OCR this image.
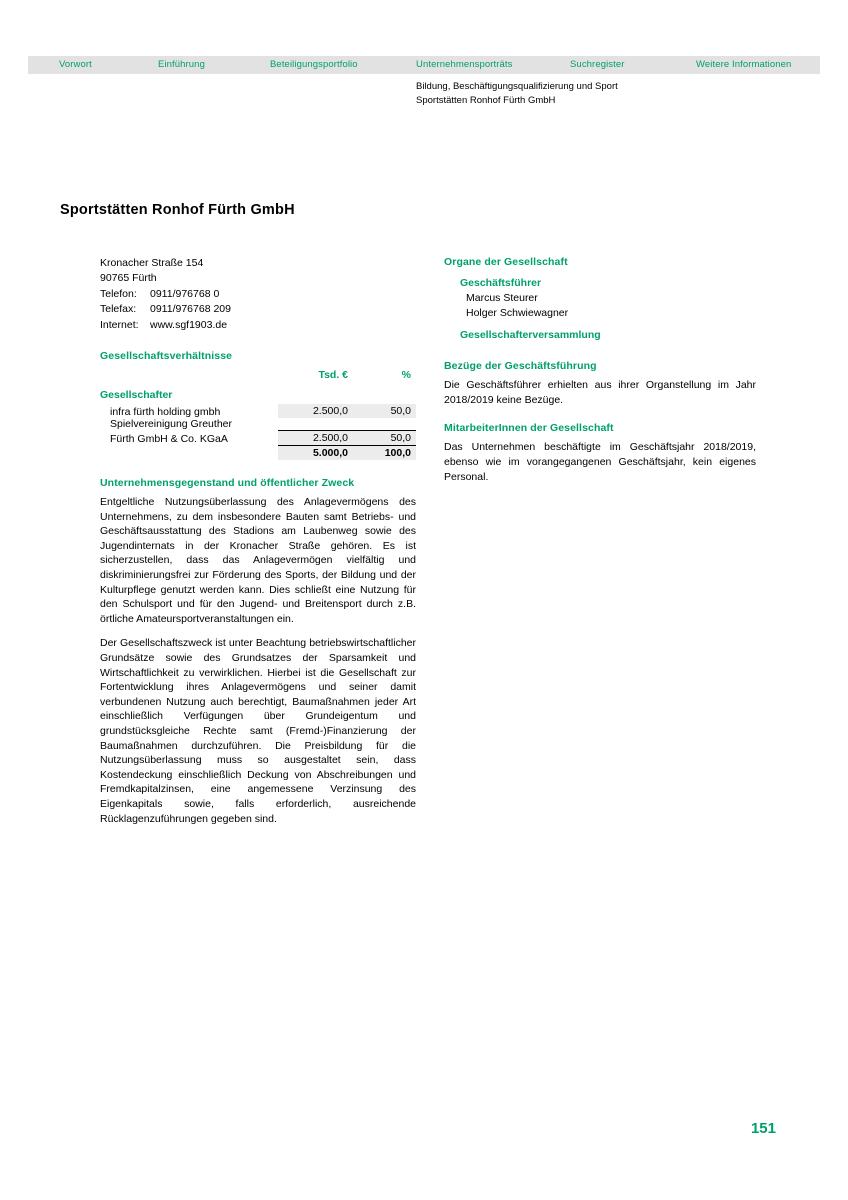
Vorwort	Einführung	Beteiligungsportfolio	Unternehmensporträts	Suchregister	Weitere Informationen
Bildung, Beschäftigungsqualifizierung und Sport
Sportstätten Ronhof Fürth GmbH
Sportstätten Ronhof Fürth GmbH
Kronacher Straße 154
90765 Fürth
Telefon: 0911/976768 0
Telefax: 0911/976768 209
Internet: www.sgf1903.de
Gesellschaftsverhältnisse
	Tsd. €	%

Gesellschafter		
infra fürth holding gmbh	2.500,0	50,0

Spielvereinigung Greuther		
Fürth GmbH & Co. KGaA	2.500,0	50,0

	5.000,0	100,0
Unternehmensgegenstand und öffentlicher Zweck

Entgeltliche Nutzungsüberlassung des Anlagevermögens des Unternehmens, zu dem insbesondere Bauten samt Betriebs- und Geschäftsausstattung des Stadions am Laubenweg sowie des Jugendinternats in der Kronacher Straße gehören. Es ist sicherzustellen, dass das Anlagevermögen vielfältig und diskriminierungsfrei zur Förderung des Sports, der Bildung und der Kulturpflege genutzt werden kann. Dies schließt eine Nutzung für den Schulsport und für den Jugend- und Breitensport durch z.B. örtliche Amateursportveranstaltungen ein.

Der Gesellschaftszweck ist unter Beachtung betriebswirtschaftlicher Grundsätze sowie des Grundsatzes der Sparsamkeit und Wirtschaftlichkeit zu verwirklichen. Hierbei ist die Gesellschaft zur Fortentwicklung ihres Anlagevermögens und seiner damit verbundenen Nutzung auch berechtigt, Baumaßnahmen jeder Art einschließlich Verfügungen über Grundeigentum und grundstücksgleiche Rechte samt (Fremd-)Finanzierung der Baumaßnahmen durchzuführen. Die Preisbildung für die Nutzungsüberlassung muss so ausgestaltet sein, dass Kostendeckung einschließlich Deckung von Abschreibungen und Fremdkapitalzinsen, eine angemessene Verzinsung des Eigenkapitals sowie, falls erforderlich, ausreichende Rücklagenzuführungen gegeben sind.

Organe der Gesellschaft
Geschäftsführer
Marcus Steurer
Holger Schwiewagner
Gesellschafterversammlung
Bezüge der Geschäftsführung

Die Geschäftsführer erhielten aus ihrer Organstellung im Jahr 2018/2019 keine Bezüge.

MitarbeiterInnen der Gesellschaft

Das Unternehmen beschäftigte im Geschäftsjahr 2018/2019, ebenso wie im vorangegangenen Geschäftsjahr, kein eigenes Personal.

151
